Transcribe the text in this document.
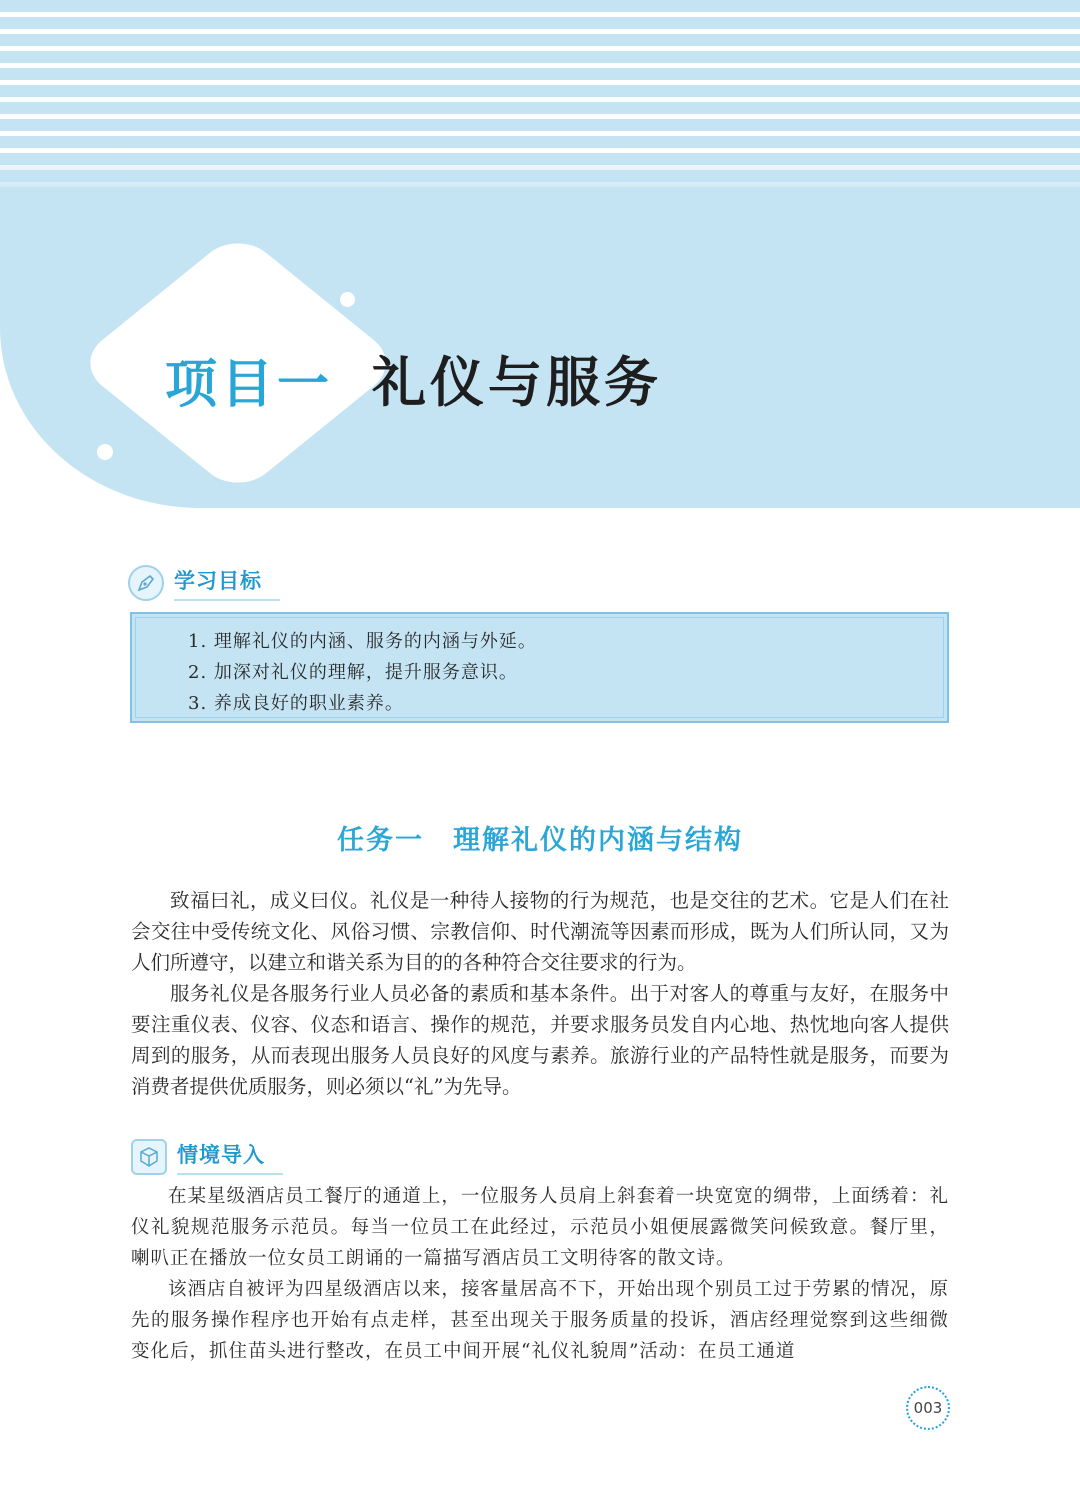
项目一 礼仪与服务
学习目标
1. 理解礼仪的内涵、服务的内涵与外延。
2. 加深对礼仪的理解，提升服务意识。
3. 养成良好的职业素养。
任务一　理解礼仪的内涵与结构

致福曰礼，成义曰仪。礼仪是一种待人接物的行为规范，也是交往的艺术。它是人们在社会交往中受传统文化、风俗习惯、宗教信仰、时代潮流等因素而形成，既为人们所认同，又为人们所遵守，以建立和谐关系为目的的各种符合交往要求的行为。

服务礼仪是各服务行业人员必备的素质和基本条件。出于对客人的尊重与友好，在服务中要注重仪表、仪容、仪态和语言、操作的规范，并要求服务员发自内心地、热忱地向客人提供周到的服务，从而表现出服务人员良好的风度与素养。旅游行业的产品特性就是服务，而要为消费者提供优质服务，则必须以“礼”为先导。

情境导入

在某星级酒店员工餐厅的通道上，一位服务人员肩上斜套着一块宽宽的绸带，上面绣着：礼仪礼貌规范服务示范员。每当一位员工在此经过，示范员小姐便展露微笑问候致意。餐厅里，喇叭正在播放一位女员工朗诵的一篇描写酒店员工文明待客的散文诗。

该酒店自被评为四星级酒店以来，接客量居高不下，开始出现个别员工过于劳累的情况，原先的服务操作程序也开始有点走样，甚至出现关于服务质量的投诉，酒店经理觉察到这些细微变化后，抓住苗头进行整改，在员工中间开展“礼仪礼貌周”活动：在员工通道

003
